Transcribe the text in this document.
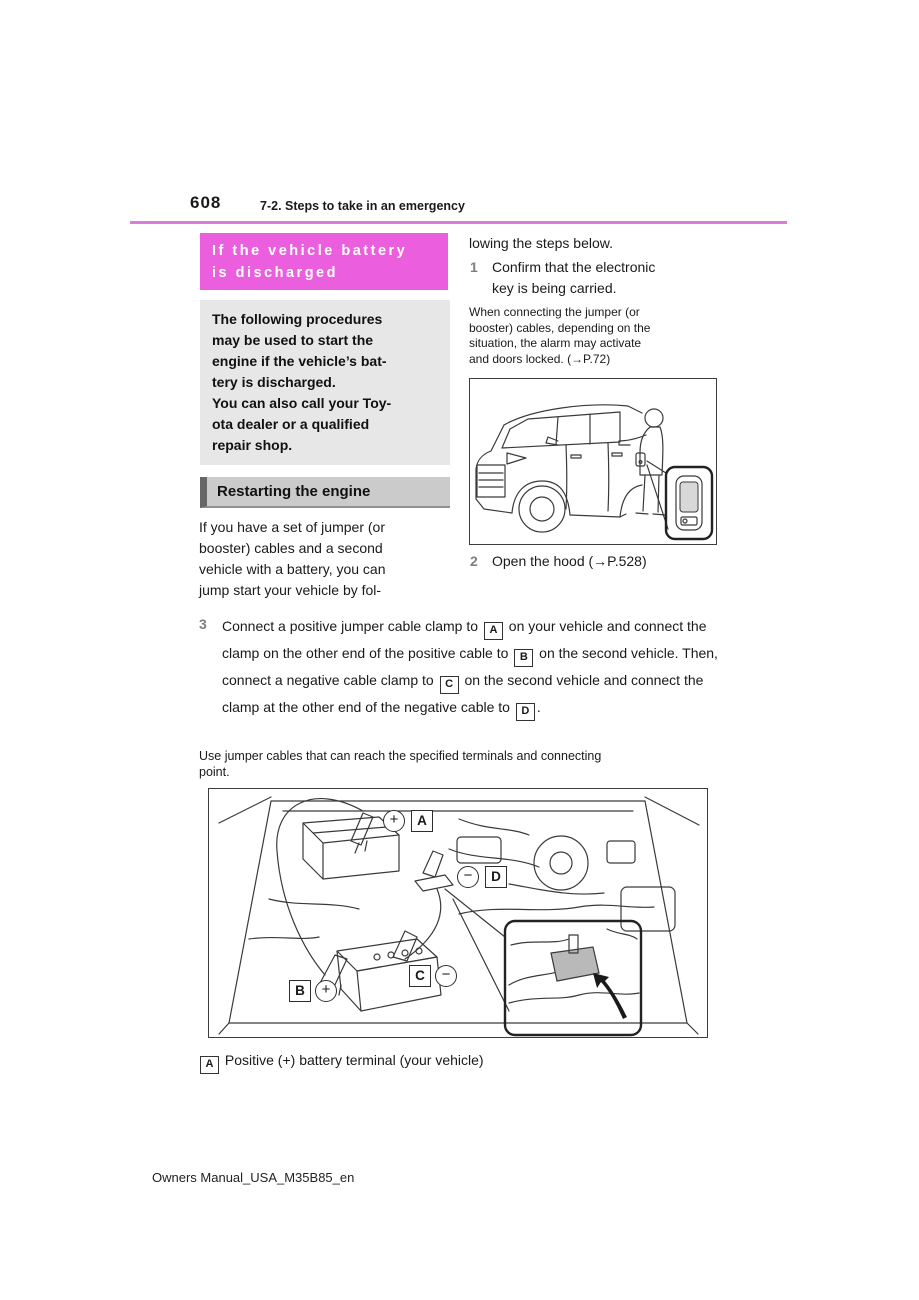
608	7-2. Steps to take in an emergency
If the vehicle battery
is discharged
The following procedures
may be used to start the
engine if the vehicle’s bat-
tery is discharged.
You can also call your Toy-
ota dealer or a qualified
repair shop.
Restarting the engine
If you have a set of jumper (or
booster) cables and a second
vehicle with a battery, you can
jump start your vehicle by fol-
lowing the steps below.
1 Confirm that the electronic
key is being carried.
When connecting the jumper (or
booster) cables, depending on the
situation, the alarm may activate
and doors locked. (→P.72)
2 Open the hood (→P.528)
3 Connect a positive jumper cable clamp to A on your vehicle and connect the clamp on the other end of the positive cable to B on the second vehicle. Then, connect a negative cable clamp to C on the second vehicle and connect the clamp at the other end of the negative cable to D .
Use jumper cables that can reach the specified terminals and connecting
point.
+	A
−	D
B	+
C	−
A Positive (+) battery terminal (your vehicle)
Owners Manual_USA_M35B85_en
